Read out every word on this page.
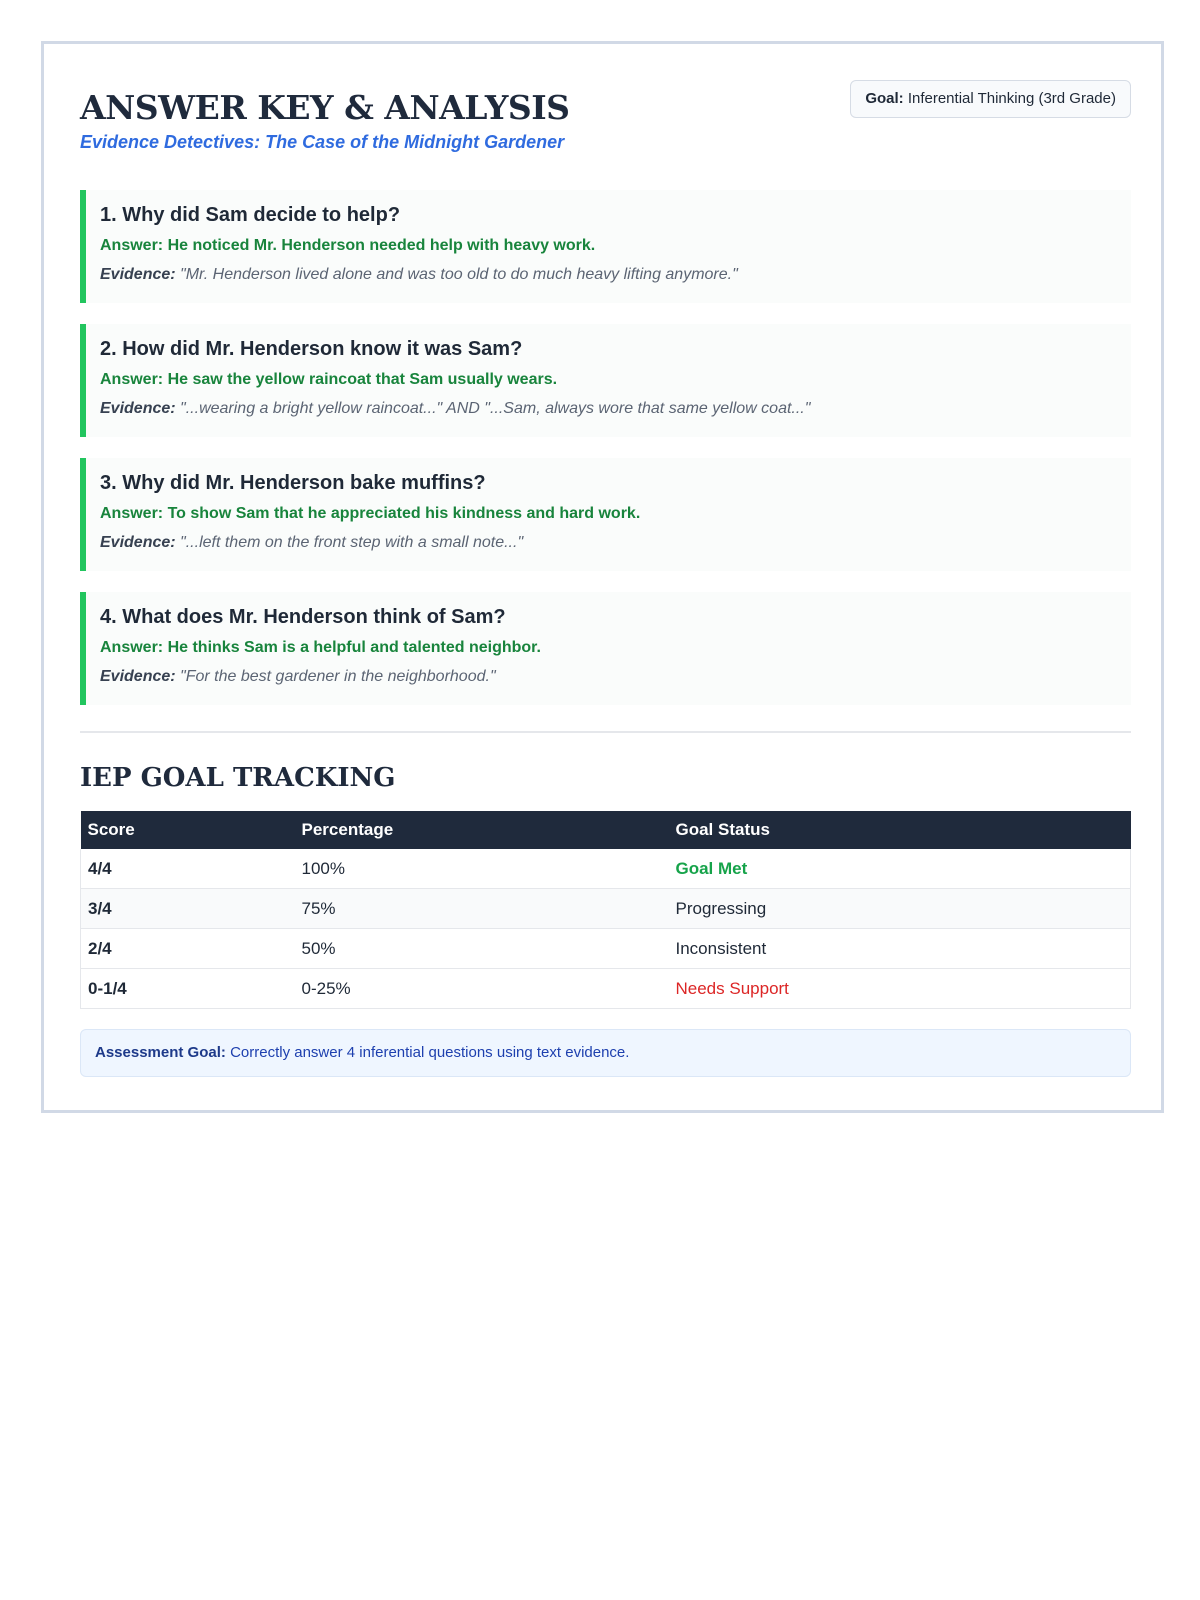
ANSWER KEY & ANALYSIS
Evidence Detectives: The Case of the Midnight Gardener
Goal: Inferential Thinking (3rd Grade)
1. Why did Sam decide to help?
Answer: He noticed Mr. Henderson needed help with heavy work.
Evidence: "Mr. Henderson lived alone and was too old to do much heavy lifting anymore."
2. How did Mr. Henderson know it was Sam?
Answer: He saw the yellow raincoat that Sam usually wears.
Evidence: "...wearing a bright yellow raincoat..." AND "...Sam, always wore that same yellow coat..."
3. Why did Mr. Henderson bake muffins?
Answer: To show Sam that he appreciated his kindness and hard work.
Evidence: "...left them on the front step with a small note..."
4. What does Mr. Henderson think of Sam?
Answer: He thinks Sam is a helpful and talented neighbor.
Evidence: "For the best gardener in the neighborhood."
IEP GOAL TRACKING
Score	Percentage	Goal Status
4/4	100%	Goal Met
3/4	75%	Progressing
2/4	50%	Inconsistent
0-1/4	0-25%	Needs Support
Assessment Goal: Correctly answer 4 inferential questions using text evidence.
